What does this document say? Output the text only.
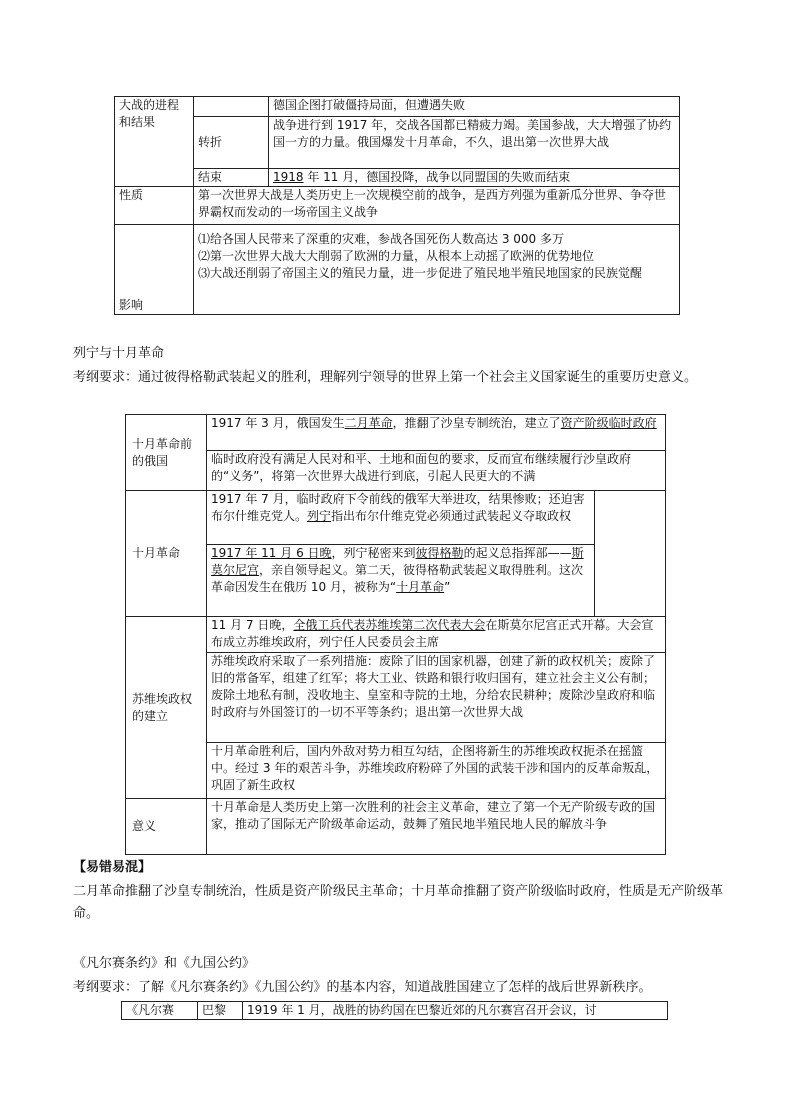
大战的进程和结果		德国企图打破僵持局面，但遭遇失败
	转折	战争进行到 1917 年，交战各国都已精疲力竭。美国参战，大大增强了协约国一方的力量。俄国爆发十月革命，不久，退出第一次世界大战
	结束	1918 年 11 月，德国投降，战争以同盟国的失败而结束
性质	第一次世界大战是人类历史上一次规模空前的战争，是西方列强为重新瓜分世界、争夺世界霸权而发动的一场帝国主义战争	
影响	⑴给各国人民带来了深重的灾难，参战各国死伤人数高达 3 000 多万
⑵第一次世界大战大大削弱了欧洲的力量，从根本上动摇了欧洲的优势地位
⑶大战还削弱了帝国主义的殖民力量，进一步促进了殖民地半殖民地国家的民族觉醒	
列宁与十月革命
考纲要求：通过彼得格勒武装起义的胜利，理解列宁领导的世界上第一个社会主义国家诞生的重要历史意义。
十月革命前的俄国	1917 年 3 月，俄国发生二月革命，推翻了沙皇专制统治，建立了资产阶级临时政府	
	临时政府没有满足人民对和平、土地和面包的要求，反而宣布继续履行沙皇政府的“义务”，将第一次世界大战进行到底，引起人民更大的不满	
十月革命	1917 年 7 月，临时政府下令前线的俄军大举进攻，结果惨败；还迫害布尔什维克党人。列宁指出布尔什维克党必须通过武装起义夺取政权	
	1917 年 11 月 6 日晚，列宁秘密来到彼得格勒的起义总指挥部——斯莫尔尼宫，亲自领导起义。第二天，彼得格勒武装起义取得胜利。这次革命因发生在俄历 10 月，被称为“十月革命”	
苏维埃政权的建立	11 月 7 日晚，全俄工兵代表苏维埃第二次代表大会在斯莫尔尼宫正式开幕。大会宣布成立苏维埃政府，列宁任人民委员会主席	
	苏维埃政府采取了一系列措施：废除了旧的国家机器，创建了新的政权机关；废除了旧的常备军，组建了红军；将大工业、铁路和银行收归国有，建立社会主义公有制；废除土地私有制，没收地主、皇室和寺院的土地，分给农民耕种；废除沙皇政府和临时政府与外国签订的一切不平等条约；退出第一次世界大战	
	十月革命胜利后，国内外敌对势力相互勾结，企图将新生的苏维埃政权扼杀在摇篮中。经过 3 年的艰苦斗争，苏维埃政府粉碎了外国的武装干涉和国内的反革命叛乱，巩固了新生政权	
意义	十月革命是人类历史上第一次胜利的社会主义革命，建立了第一个无产阶级专政的国家，推动了国际无产阶级革命运动，鼓舞了殖民地半殖民地人民的解放斗争	
【易错易混】
二月革命推翻了沙皇专制统治，性质是资产阶级民主革命；十月革命推翻了资产阶级临时政府，性质是无产阶级革命。
《凡尔赛条约》和《九国公约》
考纲要求：了解《凡尔赛条约》《九国公约》的基本内容，知道战胜国建立了怎样的战后世界新秩序。
《凡尔赛	巴黎	1919 年 1 月，战胜的协约国在巴黎近郊的凡尔赛宫召开会议，讨
